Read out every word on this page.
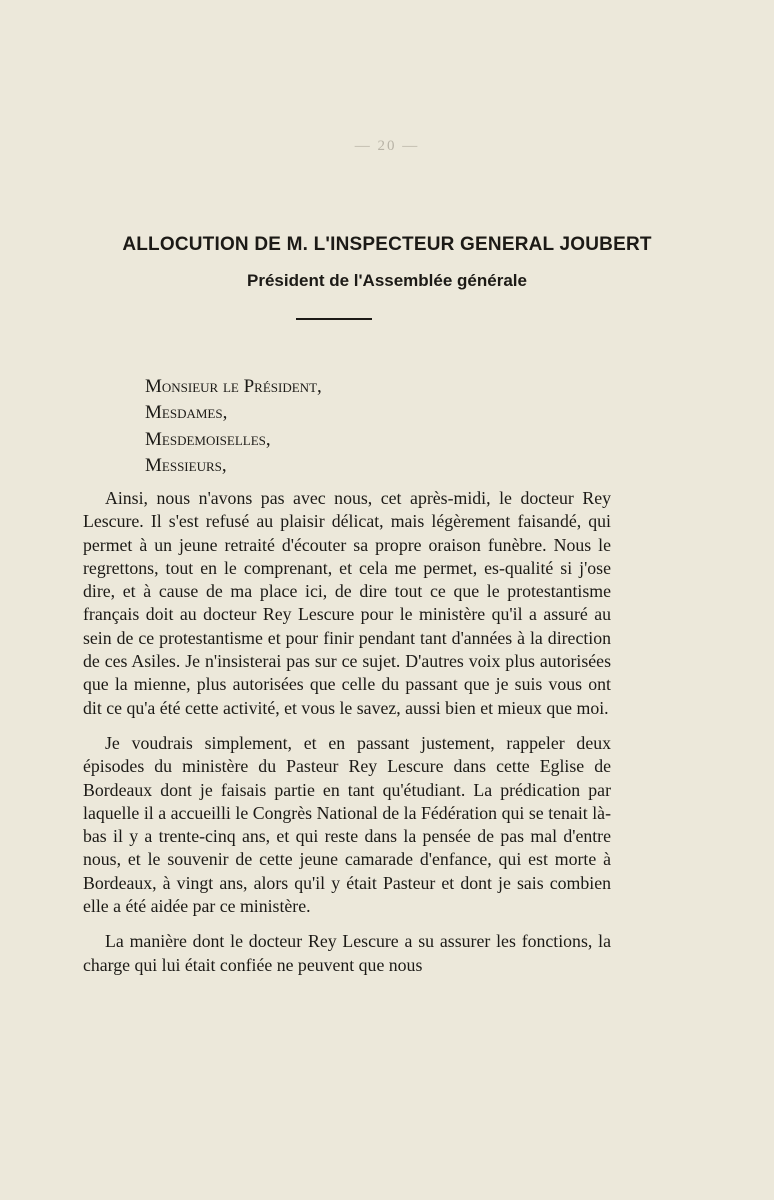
— 20 —
ALLOCUTION DE M. L'INSPECTEUR GENERAL JOUBERT
Président de l'Assemblée générale
Monsieur le Président,
Mesdames,
Mesdemoiselles,
Messieurs,

Ainsi, nous n'avons pas avec nous, cet après-midi, le docteur Rey Lescure. Il s'est refusé au plaisir délicat, mais légèrement faisandé, qui permet à un jeune retraité d'écouter sa propre oraison funèbre. Nous le regrettons, tout en le comprenant, et cela me permet, es-qualité si j'ose dire, et à cause de ma place ici, de dire tout ce que le protestantisme français doit au docteur Rey Lescure pour le ministère qu'il a assuré au sein de ce protestantisme et pour finir pendant tant d'années à la direction de ces Asiles. Je n'insisterai pas sur ce sujet. D'autres voix plus autorisées que la mienne, plus autorisées que celle du passant que je suis vous ont dit ce qu'a été cette activité, et vous le savez, aussi bien et mieux que moi.

Je voudrais simplement, et en passant justement, rappeler deux épisodes du ministère du Pasteur Rey Lescure dans cette Eglise de Bordeaux dont je faisais partie en tant qu'étudiant. La prédication par laquelle il a accueilli le Congrès National de la Fédération qui se tenait là-bas il y a trente-cinq ans, et qui reste dans la pensée de pas mal d'entre nous, et le souvenir de cette jeune camarade d'enfance, qui est morte à Bordeaux, à vingt ans, alors qu'il y était Pasteur et dont je sais combien elle a été aidée par ce ministère.

La manière dont le docteur Rey Lescure a su assurer les fonctions, la charge qui lui était confiée ne peuvent que nous
